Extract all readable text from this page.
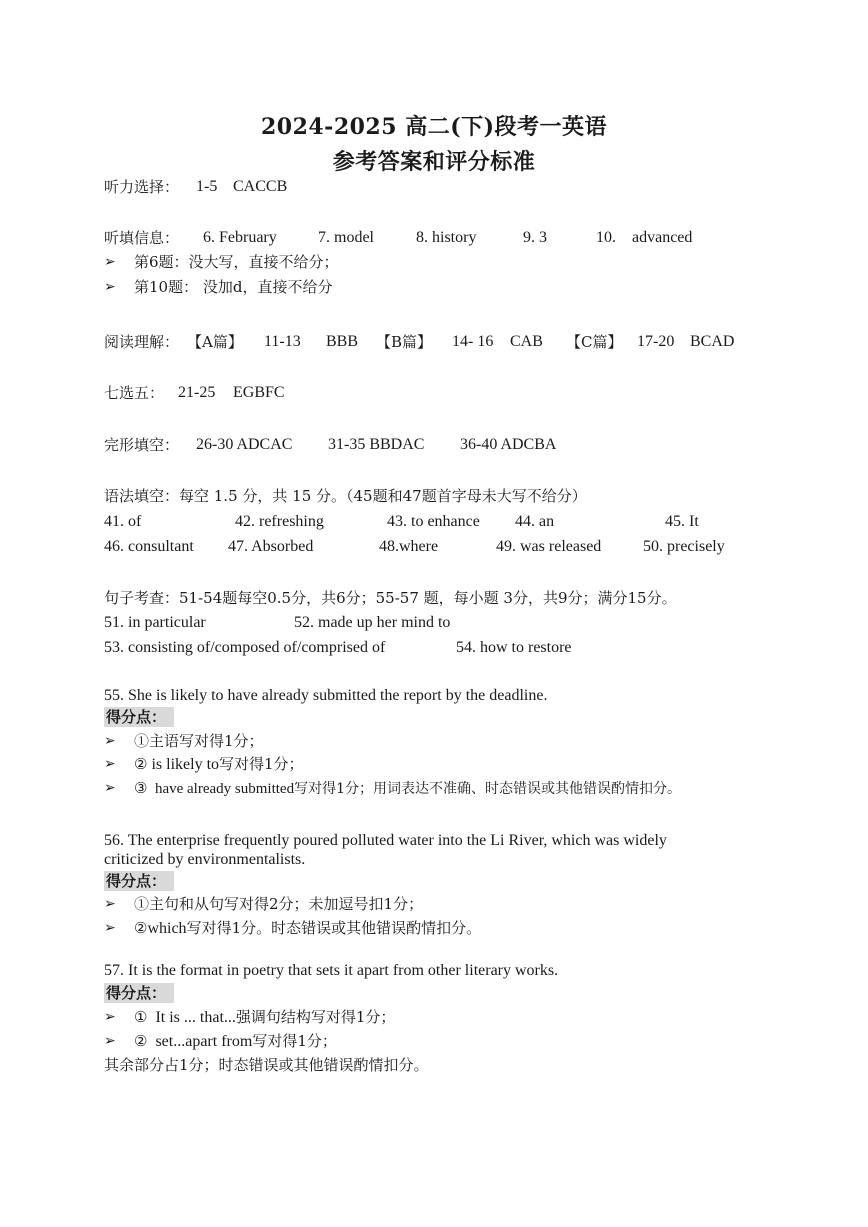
2024-2025 高二(下)段考一英语
参考答案和评分标准
听力选择： 1-5 CACCB
听填信息： 6. February	7. model	8. history	9. 3	10. advanced
➢ 第6题：没大写，直接不给分；
➢ 第10题： 没加d，直接不给分
阅读理解： 【A篇】 11-13 BBB 【B篇】 14- 16 CAB 【C篇】 17-20 BCAD
七选五： 21-25 EGBFC
完形填空： 26-30 ADCAC 31-35 BBDAC 36-40 ADCBA
语法填空：每空 1.5 分，共 15 分。（45题和47题首字母未大写不给分）
41. of	42. refreshing	43. to enhance 44. an	45. It
46. consultant 47. Absorbed	48.where	49. was released	50. precisely
句子考查：51-54题每空0.5分，共6分；55-57 题，每小题 3分，共9分；满分15分。
51. in particular	52. made up her mind to
53. consisting of/composed of/comprised of	54. how to restore
55. She is likely to have already submitted the report by the deadline.
得分点：
➢ ①主语写对得1分；
➢ ② is likely to写对得1分；
➢ ③ have already submitted写对得1分；用词表达不准确、时态错误或其他错误酌情扣分。
56. The enterprise frequently poured polluted water into the Li River, which was widely
criticized by environmentalists.
得分点：
➢ ①主句和从句写对得2分；未加逗号扣1分；
➢ ②which写对得1分。时态错误或其他错误酌情扣分。
57. It is the format in poetry that sets it apart from other literary works.
得分点：
➢ ① It is ... that...强调句结构写对得1分；
➢ ② set...apart from写对得1分；
其余部分占1分；时态错误或其他错误酌情扣分。
